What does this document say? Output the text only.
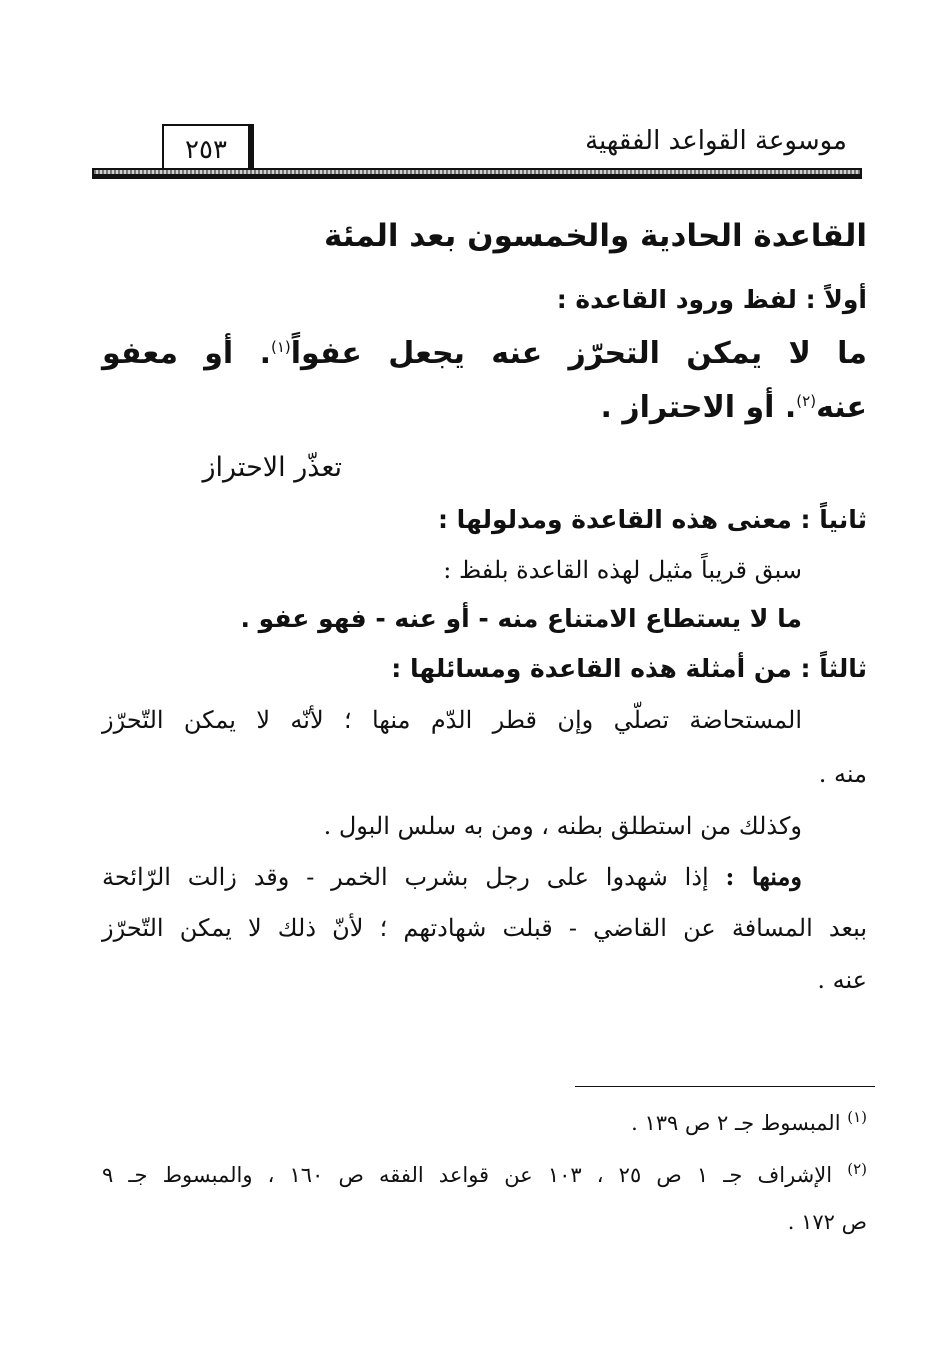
موسوعة القواعد الفقهية
٢٥٣
القاعدة الحادية والخمسون بعد المئة
أولاً : لفظ ورود القاعدة :
ما لا يمكن التحرّز عنه يجعل عفواً$^{(١)}$. أو معفو
عنه$^{(٢)}$. أو الاحتراز .
تعذّر الاحتراز
ثانياً : معنى هذه القاعدة ومدلولها :
سبق قريباً مثيل لهذه القاعدة بلفظ :
ما لا يستطاع الامتناع منه - أو عنه - فهو عفو .
ثالثاً : من أمثلة هذه القاعدة ومسائلها :
المستحاضة تصلّي وإن قطر الدّم منها ؛ لأنّه لا يمكن التّحرّز
منه .
وكذلك من استطلق بطنه ، ومن به سلس البول .
ومنها : إذا شهدوا على رجل بشرب الخمر - وقد زالت الرّائحة
ببعد المسافة عن القاضي - قبلت شهادتهم ؛ لأنّ ذلك لا يمكن التّحرّز
عنه .
$^{(١)}$ المبسوط جـ ٢ ص ١٣٩ .
$^{(٢)}$ الإشراف جـ ١ ص ٢٥ ، ١٠٣ عن قواعد الفقه ص ١٦٠ ، والمبسوط جـ ٩
ص ١٧٢ .
